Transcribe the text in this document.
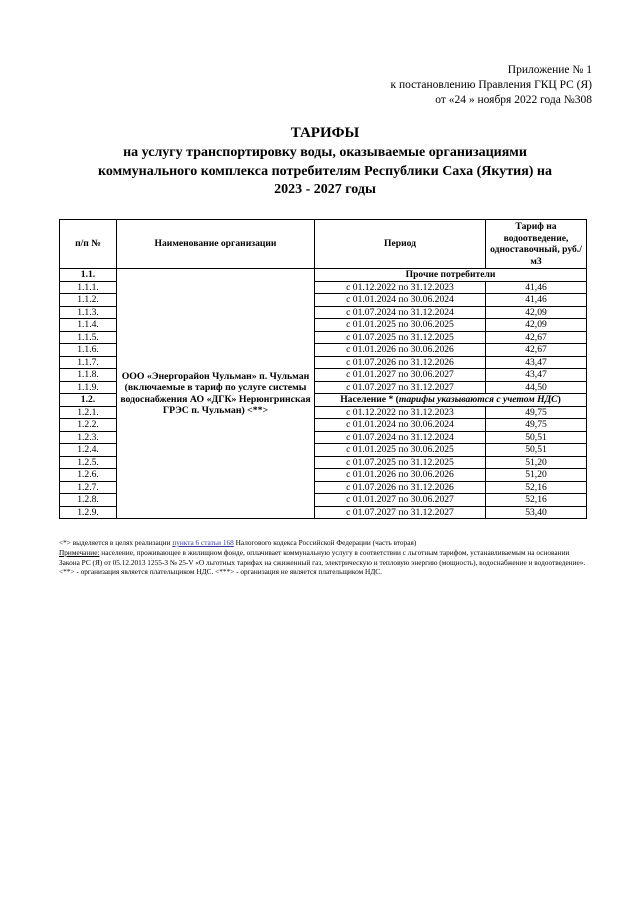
Приложение № 1
к постановлению Правления ГКЦ РС (Я)
от «24 » ноября 2022 года №308
ТАРИФЫ
на услугу транспортировку воды, оказываемые организациями
коммунального комплекса потребителям Республики Саха (Якутия) на
2023 - 2027 годы
п/п №	Наименование организации	Период	Тариф на водоотведение, одноставочный, руб./м3
1.1.	ООО «Энергорайон Чульман» п. Чульман (включаемые в тариф по услуге системы водоснабжения АО «ДГК» Нерюнгринская ГРЭС п. Чульман) <**>	Прочие потребители	
1.1.1.		с 01.12.2022 по 31.12.2023	41,46
1.1.2.		с 01.01.2024 по 30.06.2024	41,46
1.1.3.		с 01.07.2024 по 31.12.2024	42,09
1.1.4.		с 01.01.2025 по 30.06.2025	42,09
1.1.5.		с 01.07.2025 по 31.12.2025	42,67
1.1.6.		с 01.01.2026 по 30.06.2026	42,67
1.1.7.		с 01.07.2026 по 31.12.2026	43,47
1.1.8.		с 01.01.2027 по 30.06.2027	43,47
1.1.9.		с 01.07.2027 по 31.12.2027	44,50
1.2.		Население * (тарифы указываются с учетом НДС)	
1.2.1.		с 01.12.2022 по 31.12.2023	49,75
1.2.2.		с 01.01.2024 по 30.06.2024	49,75
1.2.3.		с 01.07.2024 по 31.12.2024	50,51
1.2.4.		с 01.01.2025 по 30.06.2025	50,51
1.2.5.		с 01.07.2025 по 31.12.2025	51,20
1.2.6.		с 01.01.2026 по 30.06.2026	51,20
1.2.7.		с 01.07.2026 по 31.12.2026	52,16
1.2.8.		с 01.01.2027 по 30.06.2027	52,16
1.2.9.		с 01.07.2027 по 31.12.2027	53,40

<*> выделяется в целях реализации пункта 6 статьи 168 Налогового кодекса Российской Федерации (часть вторая)

Примечание: население, проживающее в жилищном фонде, оплачивает коммунальную услугу в соответствии с льготным тарифом, устанавливаемым на основании Закона РС (Я) от 05.12.2013 1255-З № 25-V «О льготных тарифах на сжиженный газ, электрическую и тепловую энергию (мощность), водоснабжение и водоотведение».

<**> - организация является плательщиком НДС. <***> - организация не является плательщиком НДС.
